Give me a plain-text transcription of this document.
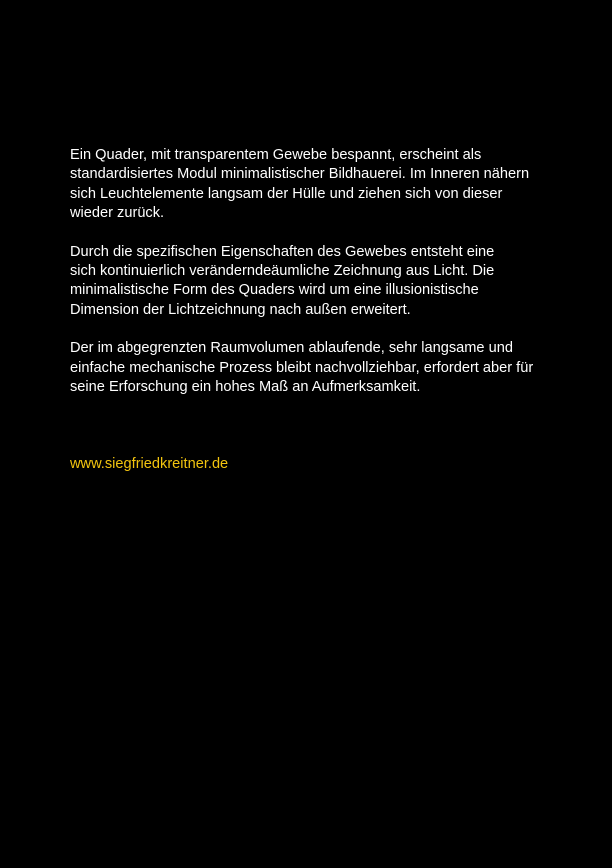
Ein Quader, mit transparentem Gewebe bespannt, erscheint als
standardisiertes Modul minimalistischer Bildhauerei. Im Inneren nähern
sich Leuchtelemente langsam der Hülle und ziehen sich von dieser
wieder zurück.

Durch die spezifischen Eigenschaften des Gewebes entsteht eine
sich kontinuierlich veränderndeäumliche Zeichnung aus Licht. Die
minimalistische Form des Quaders wird um eine illusionistische
Dimension der Lichtzeichnung nach außen erweitert.

Der im abgegrenzten Raumvolumen ablaufende, sehr langsame und
einfache mechanische Prozess bleibt nachvollziehbar, erfordert aber für
seine Erforschung ein hohes Maß an Aufmerksamkeit.

www.siegfriedkreitner.de
